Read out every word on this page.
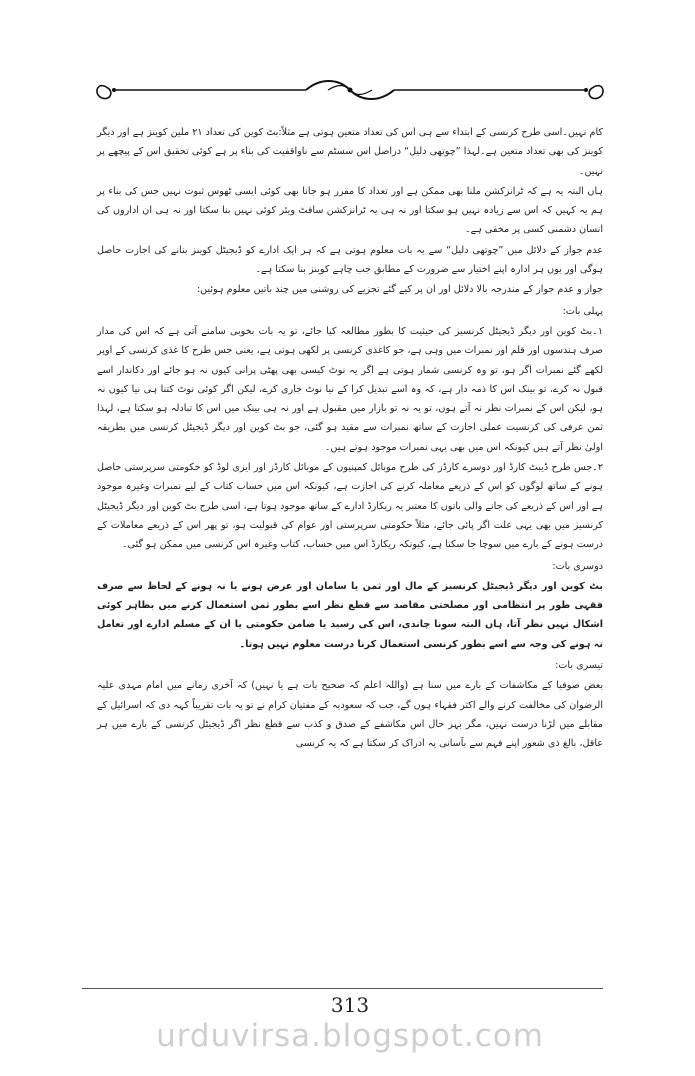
کام نہیں۔اسی طرح کرنسی کے ابتداء سے ہی اس کی تعداد متعین ہوتی ہے مثلاً:بٹ کوین کی تعداد ۲۱ ملین کوینز ہے اور دیگر کوینز کی بھی تعداد متعین ہے۔لہذا ”چوتھی دلیل“ دراصل اس سسٹم سے ناواقفیت کی بناء پر ہے کوئی تحقیق اس کے پیچھے پر نہیں۔

ہاں البتہ یہ ہے کہ ٹرانزکشن ملنا بھی ممکن ہے اور تعداد کا مقرر ہو جانا بھی کوئی ایسی ٹھوس ثبوت نہیں جس کی بناء پر ہم یہ کہیں کہ اس سے زیادہ نہیں ہو سکتا اور نہ ہی یہ ٹرانزکشن سافٹ ویئر کوئی نہیں بنا سکتا اور نہ ہی ان اداروں کی انسان دشمنی کسی پر مخفی ہے۔

عدم جواز کے دلائل میں ”چوتھی دلیل“ سے یہ بات معلوم ہوتی ہے کہ ہر ایک ادارے کو ڈیجیٹل کوینز بنانے کی اجازت حاصل ہوگی اور یوں ہر ادارہ اپنے اختیار سے ضرورت کے مطابق جب چاہے کوینز بنا سکتا ہے۔

جواز و عدم جواز کے مندرجہ بالا دلائل اور ان پر کیے گئے تجزیے کی روشنی میں چند باتیں معلوم ہوئیں:

پہلی بات:

۱۔بٹ کوین اور دیگر ڈیجیٹل کرنسیز کی حیثیت کا بطور مطالعہ کیا جائے، تو یہ بات بخوبی سامنے آتی ہے کہ اس کی مدار صرف ہندسوں اور قلم اور نمبرات میں وہی ہے، جو کاغذی کرنسی پر لکھی ہوتی ہے، یعنی جس طرح کا غذی کرنسی کے اوپر لکھے گئے نمبرات اگر ہو، تو وہ کرنسی شمار ہوتی ہے اگر یہ نوٹ کیسی بھی پھٹی پرانی کیوں نہ ہو جائے اور دکاندار اسے قبول نہ کرے، تو بینک اس کا ذمہ دار ہے، کہ وہ اسے تبدیل کرا کے نیا نوٹ جاری کرے، لیکن اگر کوئی نوٹ کتنا ہی نیا کیوں نہ ہو، لیکن اس کے نمبرات نظر نہ آتے ہوں، تو یہ نہ تو بازار میں مقبول ہے اور نہ ہی بینک میں اس کا تبادلہ ہو سکتا ہے، لہذا ثمن عرفی کی کرنسیت عملی اجازت کے ساتھ نمبرات سے مقید ہو گئی، جو بٹ کوین اور دیگر ڈیجیٹل کرنسی میں بطریقہ اولیٰ نظر آتے ہیں کیونکہ اس میں بھی یہی نمبرات موجود ہوتے ہیں۔

۲۔جس طرح ڈیبٹ کارڈ اور دوسرے کارڈز کی طرح موبائل کمپنیوں کے موبائل کارڈز اور ایزی لوڈ کو حکومتی سرپرستی حاصل ہونے کے ساتھ لوگوں کو اس کے ذریعے معاملہ کرنے کی اجازت ہے، کیونکہ اس میں حساب کتاب کے لیے نمبرات وغیرہ موجود ہے اور اس کے ذریعے کی جانے والی باتوں کا معتبر یہ ریکارڈ ادارے کے ساتھ موجود ہوتا ہے، اسی طرح بٹ کوین اور دیگر ڈیجیٹل کرنسیز میں بھی یہی علت اگر پائی جائے، مثلاً حکومتی سرپرستی اور عوام کی قبولیت ہو، تو پھر اس کے ذریعے معاملات کے درست ہونے کے بارے میں سوچا جا سکتا ہے، کیونکہ ریکارڈ اس میں حساب، کتاب وغیرہ اس کرنسی میں ممکن ہو گئی۔

دوسری بات:

بٹ کوین اور دیگر ڈیجیٹل کرنسیز کے مال اور ثمن یا سامان اور عرض ہونے یا نہ ہونے کے لحاظ سے صرف فقہی طور پر انتظامی اور مصلحتی مقاصد سے قطع نظر اسے بطور ثمن استعمال کرنے میں بظاہر کوئی اشکال نہیں نظر آتا، ہاں البتہ سونا چاندی، اس کی رسید یا ضامن حکومتی یا ان کے مسلم ادارے اور تعامل نہ ہونے کی وجہ سے اسے بطور کرنسی استعمال کرنا درست معلوم نہیں ہوتا۔

تیسری بات:

بعض صوفیا کے مکاشفات کے بارے میں سنا ہے (واللہ اعلم کہ صحیح بات ہے یا نہیں) کہ آخری زمانے میں امام مہدی علیہ الرضوان کی مخالفت کرنے والے اکثر فقہاء ہوں گے، جب کہ سعودیہ کے مفتیان کرام نے تو یہ بات تقریباً کہہ دی کہ اسرائیل کے مقابلے میں لڑنا درست نہیں، مگر بہر حال اس مکاشفے کے صدق و کذب سے قطع نظر اگر ڈیجیٹل کرنسی کے بارے میں ہر عاقل، بالغ ذی شعور اپنے فہم سے بآسانی یہ ادراک کر سکتا ہے کہ یہ کرنسی

313
urduvirsa.blogspot.com
